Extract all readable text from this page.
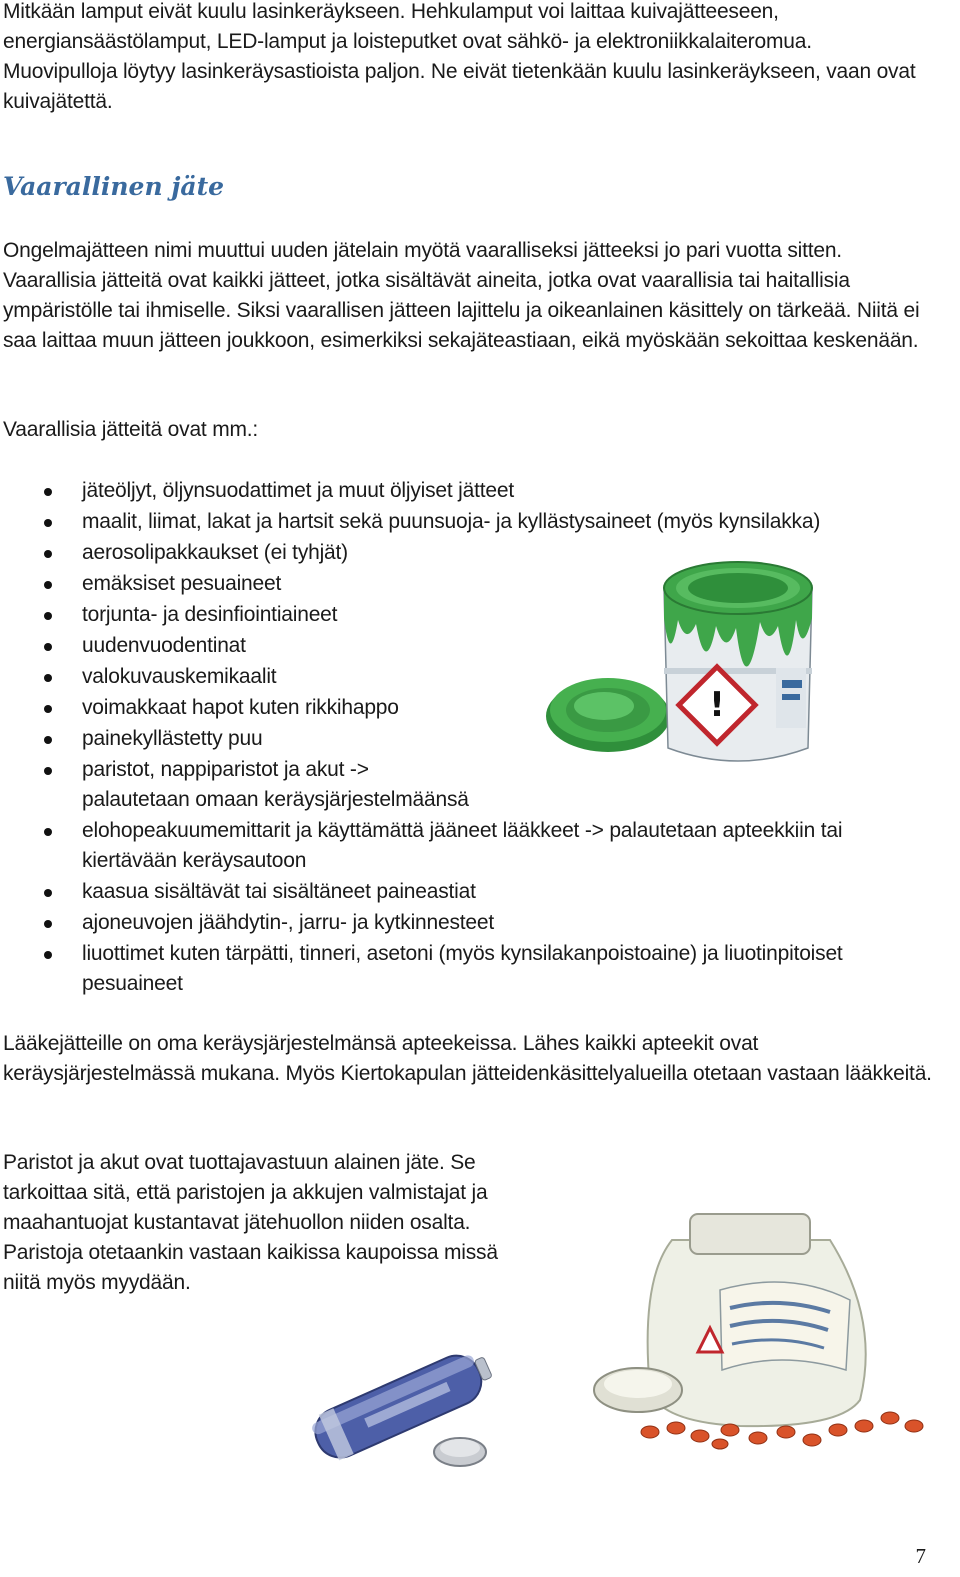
Mitkään lamput eivät kuulu lasinkeräykseen. Hehkulamput voi laittaa kuivajätteeseen, energiansäästölamput, LED-lamput ja loisteputket ovat sähkö- ja elektroniikkalaiteromua. Muovipulloja löytyy lasinkeräysastioista paljon. Ne eivät tietenkään kuulu lasinkeräykseen, vaan ovat kuivajätettä.

Vaarallinen jäte

Ongelmajätteen nimi muuttui uuden jätelain myötä vaaralliseksi jätteeksi jo pari vuotta sitten. Vaarallisia jätteitä ovat kaikki jätteet, jotka sisältävät aineita, jotka ovat vaarallisia tai haitallisia ympäristölle tai ihmiselle. Siksi vaarallisen jätteen lajittelu ja oikeanlainen käsittely on tärkeää. Niitä ei saa laittaa muun jätteen joukkoon, esimerkiksi sekajäteastiaan, eikä myöskään sekoittaa keskenään.

Vaarallisia jätteitä ovat mm.:

jäteöljyt, öljynsuodattimet ja muut öljyiset jätteet
maalit, liimat, lakat ja hartsit sekä puunsuoja- ja kyllästysaineet (myös kynsilakka)
aerosolipakkaukset (ei tyhjät)
emäksiset pesuaineet
torjunta- ja desinfiointiaineet
uudenvuodentinat
valokuvauskemikaalit
voimakkaat hapot kuten rikkihappo
painekyllästetty puu
paristot, nappiparistot ja akut ->
palautetaan omaan keräysjärjestelmäänsä
elohopeakuumemittarit ja käyttämättä jääneet lääkkeet -> palautetaan apteekkiin tai kiertävään keräysautoon
kaasua sisältävät tai sisältäneet paineastiat
ajoneuvojen jäähdytin-, jarru- ja kytkinnesteet
liuottimet kuten tärpätti, tinneri, asetoni (myös kynsilakanpoistoaine) ja liuotinpitoiset pesuaineet

Lääkejätteille on oma keräysjärjestelmänsä apteekeissa. Lähes kaikki apteekit ovat keräysjärjestelmässä mukana. Myös Kiertokapulan jätteidenkäsittelyalueilla otetaan vastaan lääkkeitä.

Paristot ja akut ovat tuottajavastuun alainen jäte. Se tarkoittaa sitä, että paristojen ja akkujen valmistajat ja maahantuojat kustantavat jätehuollon niiden osalta. Paristoja otetaankin vastaan kaikissa kaupoissa missä niitä myös myydään.

!
7
